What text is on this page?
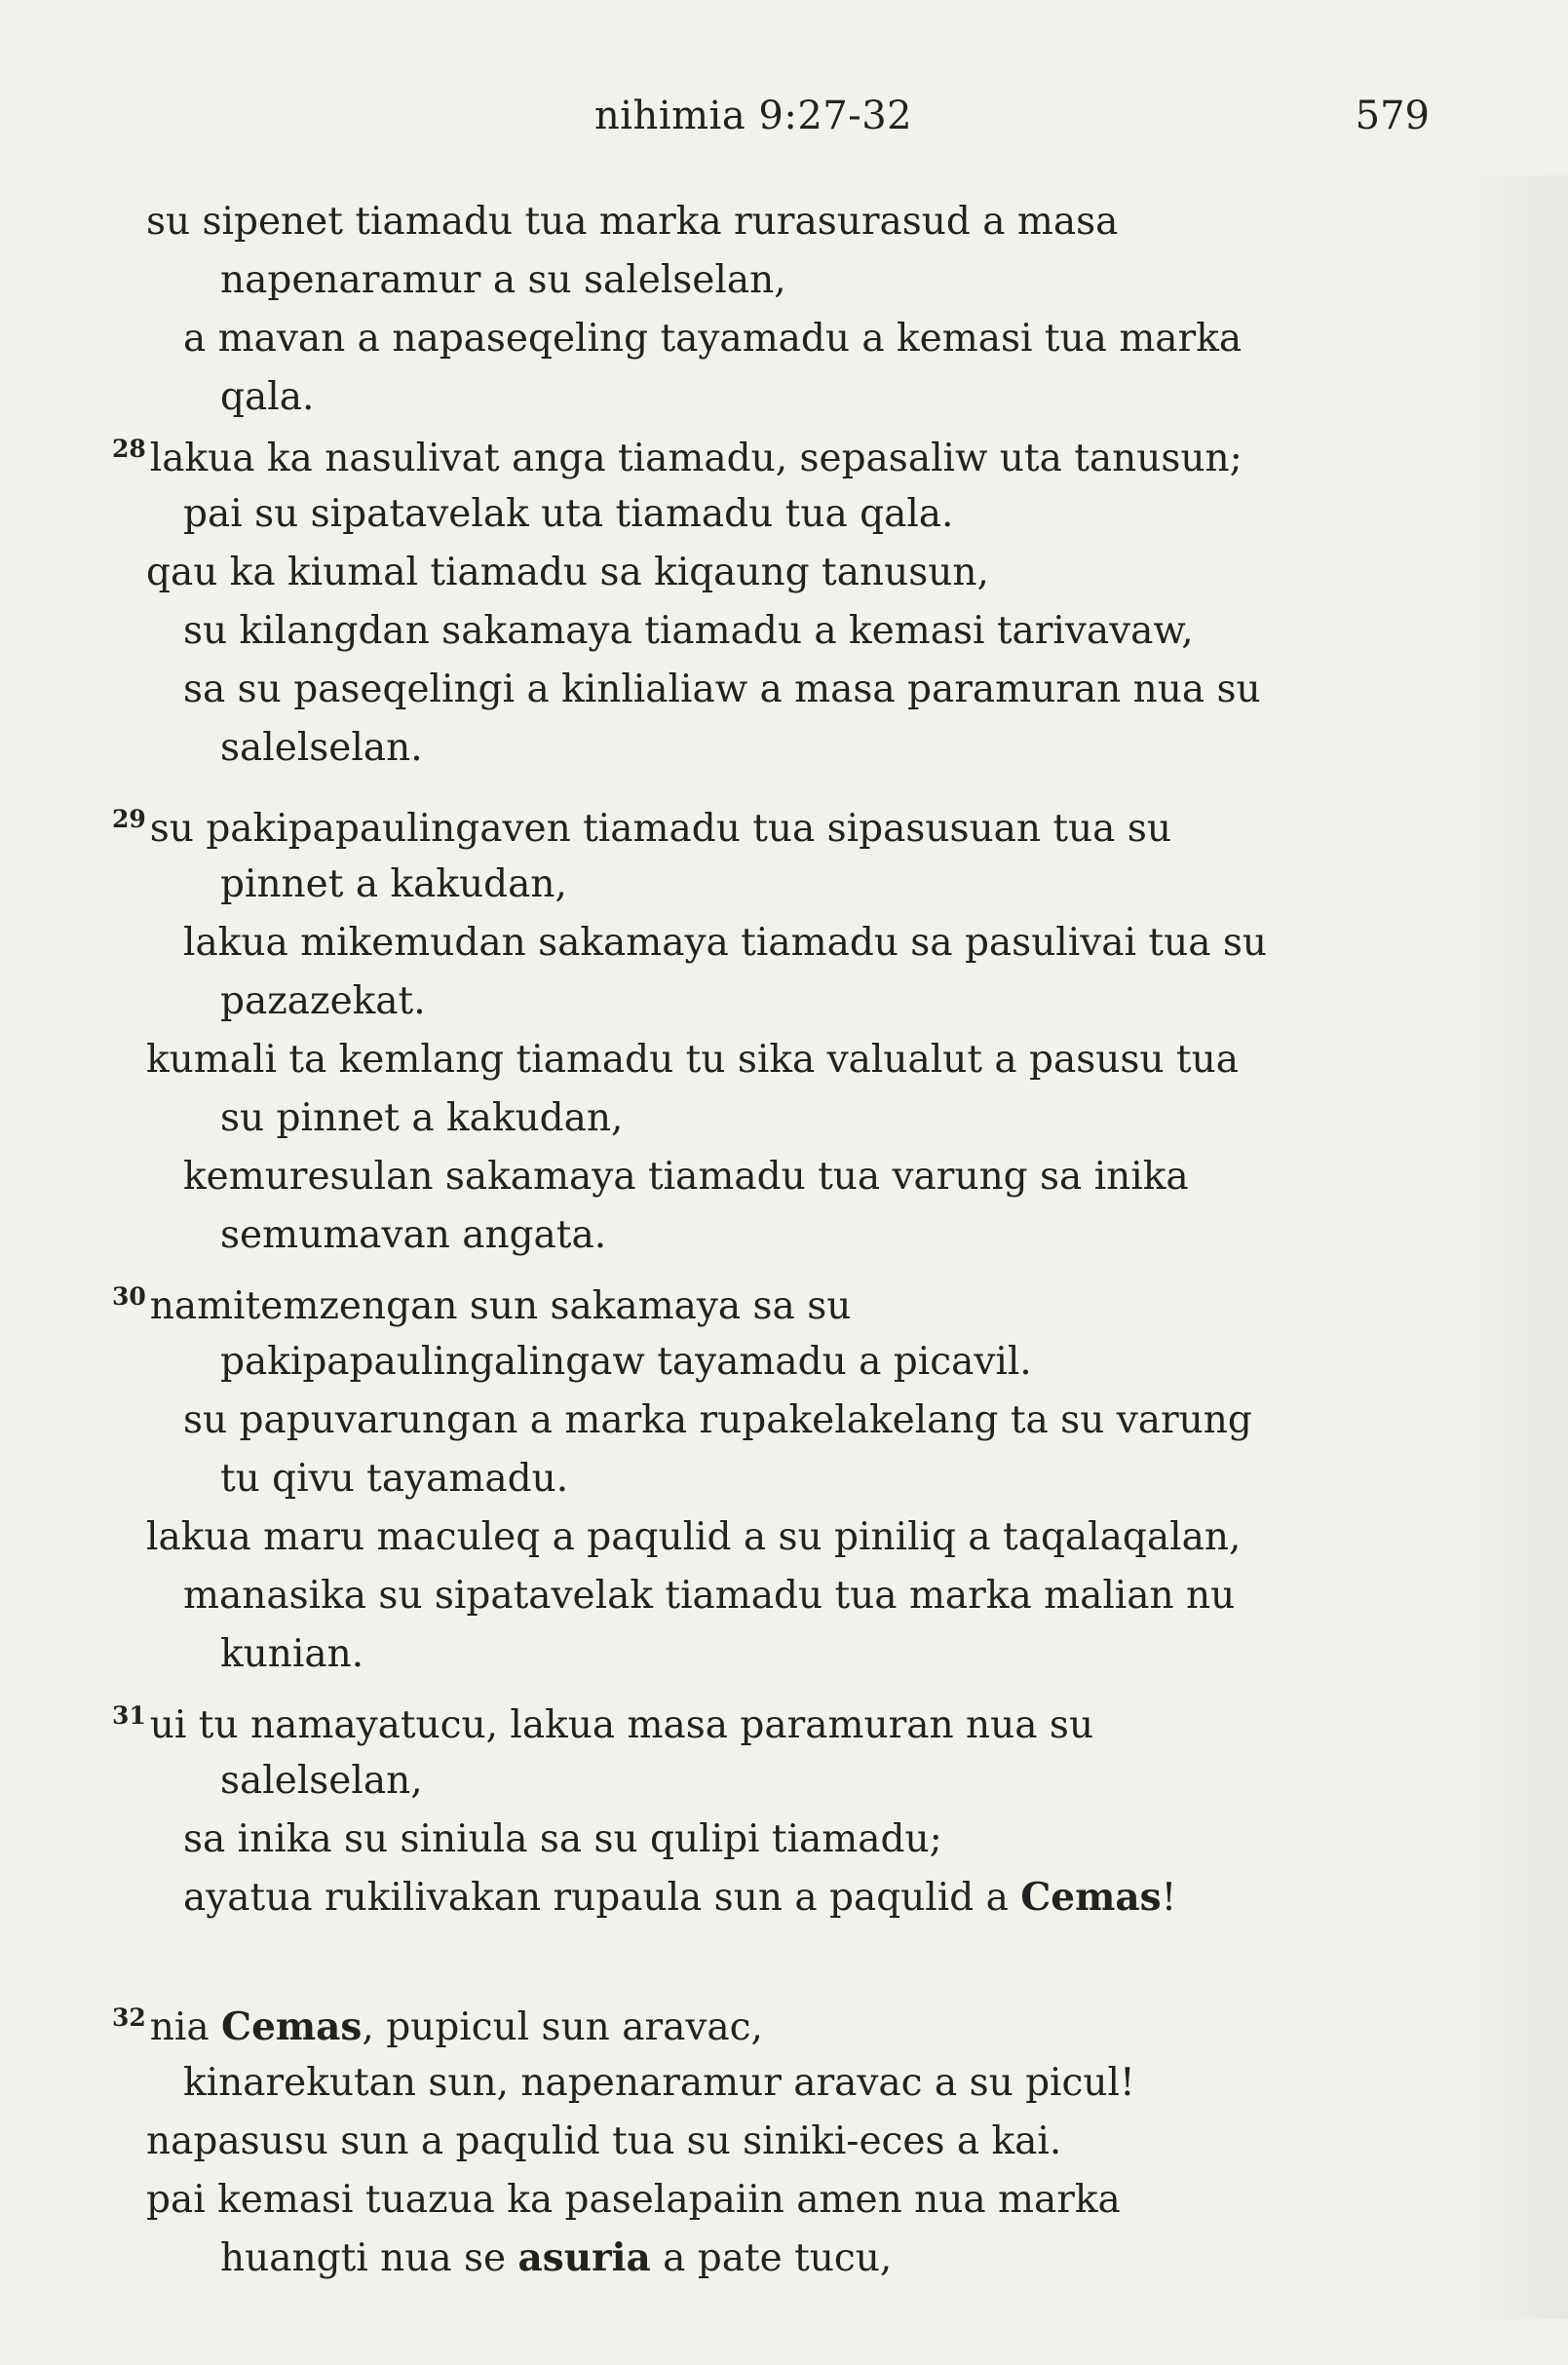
nihimia 9:27-32	579
su sipenet tiamadu tua marka rurasurasud a masa
napenaramur a su salelselan,
a mavan a napaseqeling tayamadu a kemasi tua marka
qala.
$^{28}$ lakua ka nasulivat anga tiamadu, sepasaliw uta tanusun;
pai su sipatavelak uta tiamadu tua qala.
qau ka kiumal tiamadu sa kiqaung tanusun,
su kilangdan sakamaya tiamadu a kemasi tarivavaw,
sa su paseqelingi a kinlialiaw a masa paramuran nua su
salelselan.
$^{29}$ su pakipapaulingaven tiamadu tua sipasusuan tua su
pinnet a kakudan,
lakua mikemudan sakamaya tiamadu sa pasulivai tua su
pazazekat.
kumali ta kemlang tiamadu tu sika valualut a pasusu tua
su pinnet a kakudan,
kemuresulan sakamaya tiamadu tua varung sa inika
semumavan angata.
$^{30}$ namitemzengan sun sakamaya sa su
pakipapaulingalingaw tayamadu a picavil.
su papuvarungan a marka rupakelakelang ta su varung
tu qivu tayamadu.
lakua maru maculeq a paqulid a su piniliq a taqalaqalan,
manasika su sipatavelak tiamadu tua marka malian nu
kunian.
$^{31}$ ui tu namayatucu, lakua masa paramuran nua su
salelselan,
sa inika su siniula sa su qulipi tiamadu;
ayatua rukilivakan rupaula sun a paqulid a Cemas!
$^{32}$ nia Cemas, pupicul sun aravac,
kinarekutan sun, napenaramur aravac a su picul!
napasusu sun a paqulid tua su siniki-eces a kai.
pai kemasi tuazua ka paselapaiin amen nua marka
huangti nua se asuria a pate tucu,
